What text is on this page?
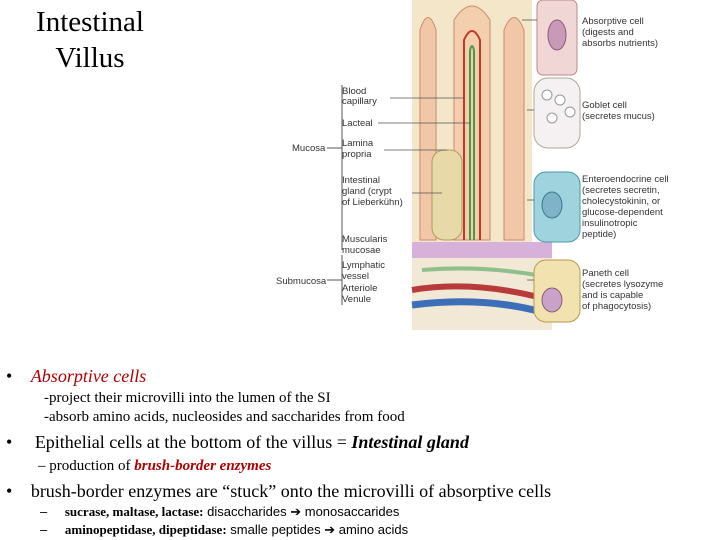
Intestinal
Villus
Blood
capillary
Lacteal
Lamina
propria
Mucosa
Intestinal
gland (crypt
of Lieberkühn)
Muscularis
mucosae
Lymphatic
vessel
Submucosa
Arteriole
Venule
Absorptive cell
(digests and
absorbs nutrients)
Goblet cell
(secretes mucus)
Enteroendocrine cell
(secretes secretin,
cholecystokinin, or
glucose-dependent
insulinotropic
peptide)
Paneth cell
(secretes lysozyme
and is capable
of phagocytosis)
• Absorptive cells
-project their microvilli into the lumen of the SI
-absorb amino acids, nucleosides and saccharides from food
• Epithelial cells at the bottom of the villus = Intestinal gland
– production of brush-border enzymes
• brush-border enzymes are “stuck” onto the microvilli of absorptive cells
– sucrase, maltase, lactase: disaccharides ➔ monosaccarides
– aminopeptidase, dipeptidase: smalle peptides ➔ amino acids
